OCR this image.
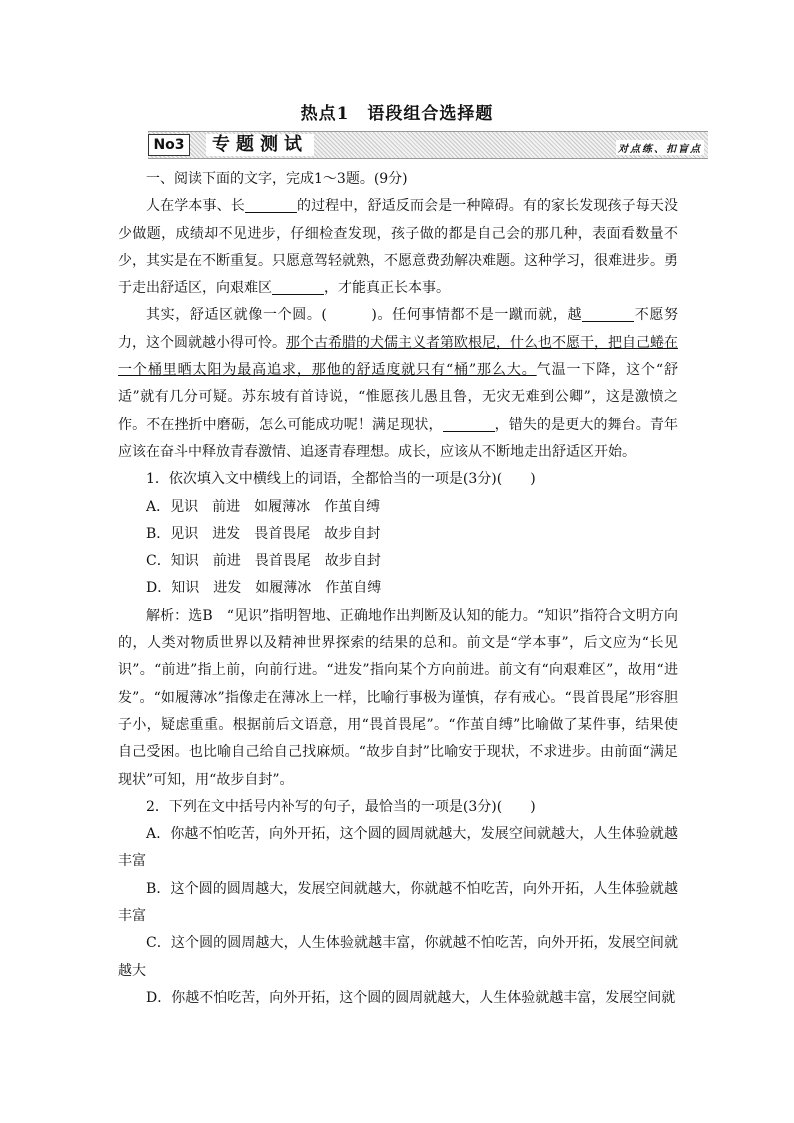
热点1　语段组合选择题
No3	专题测试	对点练、扣盲点

一、阅读下面的文字，完成1～3题。(9分)

人在学本事、长	的过程中，舒适反而会是一种障碍。有的家长发现孩子每天没少做题，成绩却不见进步，仔细检查发现，孩子做的都是自己会的那几种，表面看数量不少，其实是在不断重复。只愿意驾轻就熟，不愿意费劲解决难题。这种学习，很难进步。勇于走出舒适区，向艰难区	，才能真正长本事。

其实，舒适区就像一个圆。(　　　)。任何事情都不是一蹴而就，越	不愿努力，这个圆就越小得可怜。那个古希腊的犬儒主义者第欧根尼，什么也不愿干，把自己蜷在一个桶里晒太阳为最高追求，那他的舒适度就只有“桶”那么大。气温一下降，这个“舒适”就有几分可疑。苏东坡有首诗说，“惟愿孩儿愚且鲁，无灾无难到公卿”，这是激愤之作。不在挫折中磨砺，怎么可能成功呢！满足现状，	，错失的是更大的舞台。青年应该在奋斗中释放青春激情、追逐青春理想。成长，应该从不断地走出舒适区开始。

1．依次填入文中横线上的词语，全都恰当的一项是(3分)(　　)

A．见识　前进　如履薄冰　作茧自缚

B．见识　进发　畏首畏尾　故步自封

C．知识　前进　畏首畏尾　故步自封

D．知识　进发　如履薄冰　作茧自缚

解析：选B　“见识”指明智地、正确地作出判断及认知的能力。“知识”指符合文明方向的，人类对物质世界以及精神世界探索的结果的总和。前文是“学本事”，后文应为“长见识”。“前进”指上前，向前行进。“进发”指向某个方向前进。前文有“向艰难区”，故用“进发”。“如履薄冰”指像走在薄冰上一样，比喻行事极为谨慎，存有戒心。“畏首畏尾”形容胆子小，疑虑重重。根据前后文语意，用“畏首畏尾”。“作茧自缚”比喻做了某件事，结果使自己受困。也比喻自己给自己找麻烦。“故步自封”比喻安于现状，不求进步。由前面“满足现状”可知，用“故步自封”。

2．下列在文中括号内补写的句子，最恰当的一项是(3分)(　　)

A．你越不怕吃苦，向外开拓，这个圆的圆周就越大，发展空间就越大，人生体验就越丰富

B．这个圆的圆周越大，发展空间就越大，你就越不怕吃苦，向外开拓，人生体验就越丰富

C．这个圆的圆周越大，人生体验就越丰富，你就越不怕吃苦，向外开拓，发展空间就越大

D．你越不怕吃苦，向外开拓，这个圆的圆周就越大，人生体验就越丰富，发展空间就
